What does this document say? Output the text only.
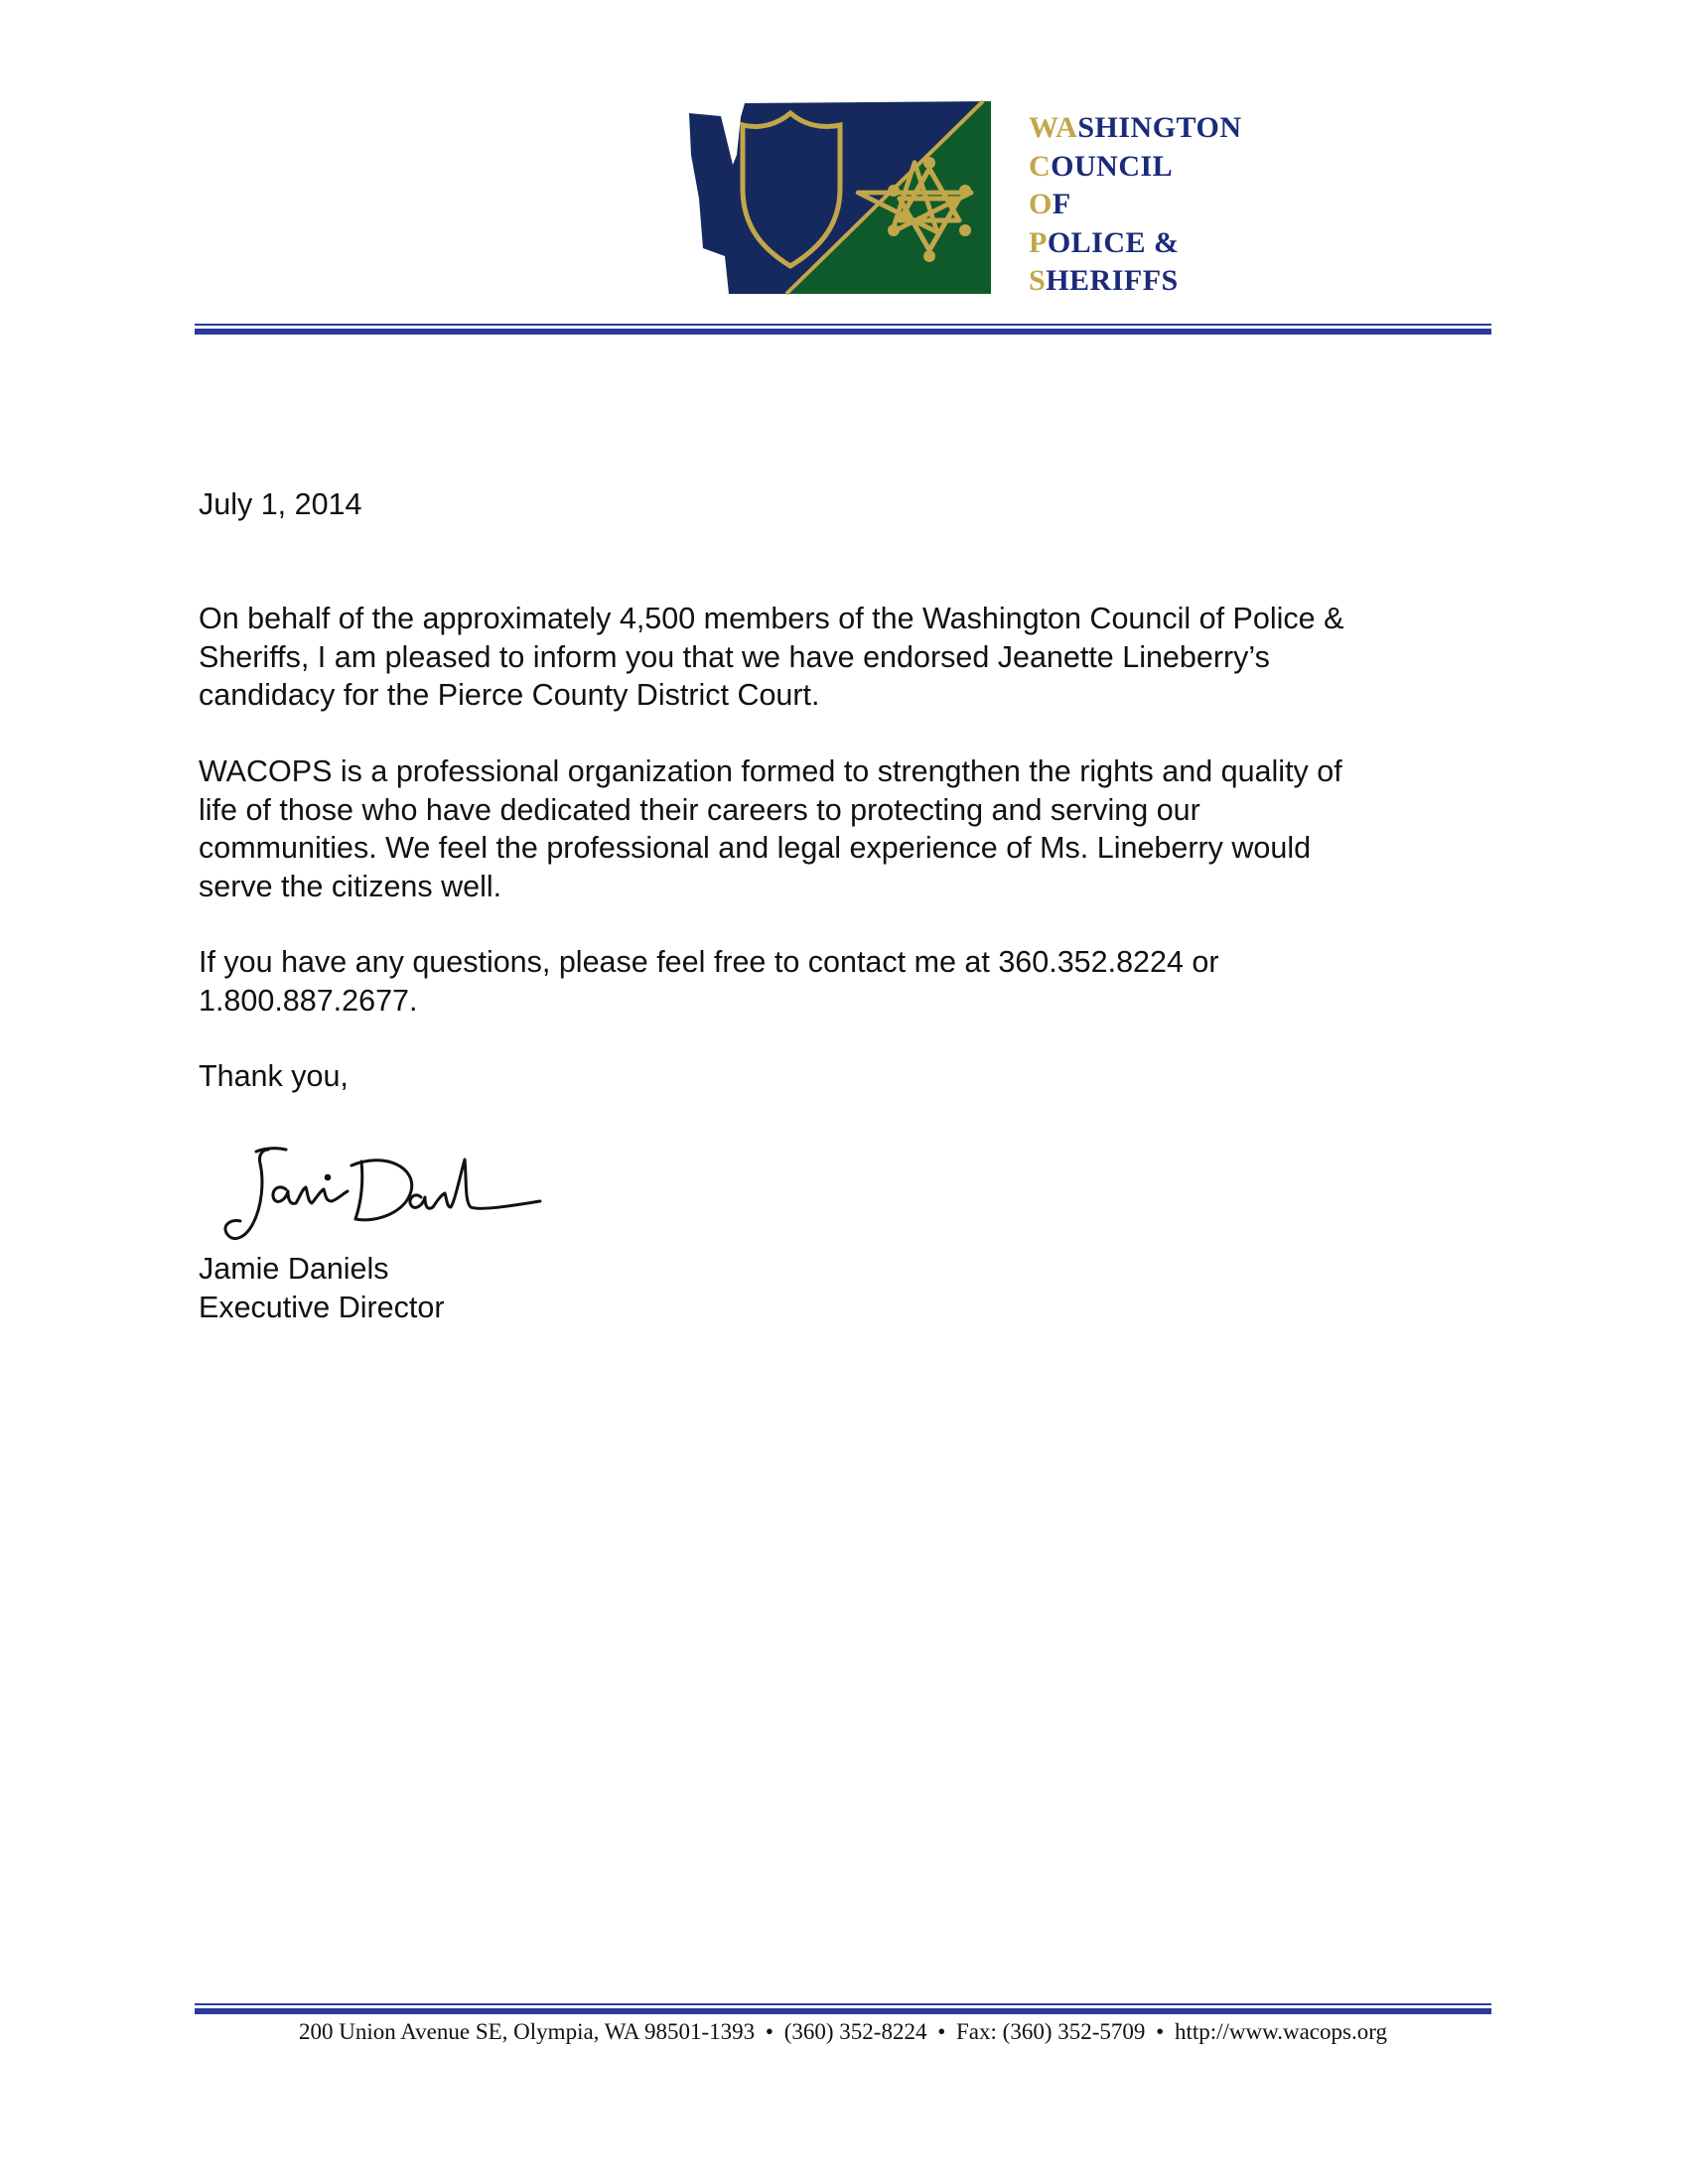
WASHINGTON
COUNCIL
OF
POLICE &
SHERIFFS
July 1, 2014
On behalf of the approximately 4,500 members of the Washington Council of Police &
Sheriffs, I am pleased to inform you that we have endorsed Jeanette Lineberry’s
candidacy for the Pierce County District Court.
WACOPS is a professional organization formed to strengthen the rights and quality of
life of those who have dedicated their careers to protecting and serving our
communities. We feel the professional and legal experience of Ms. Lineberry would
serve the citizens well.
If you have any questions, please feel free to contact me at 360.352.8224 or
1.800.887.2677.
Thank you,
Jamie Daniels
Executive Director
200 Union Avenue SE, Olympia, WA 98501-1393 • (360) 352-8224 • Fax: (360) 352-5709 • http://www.wacops.org
